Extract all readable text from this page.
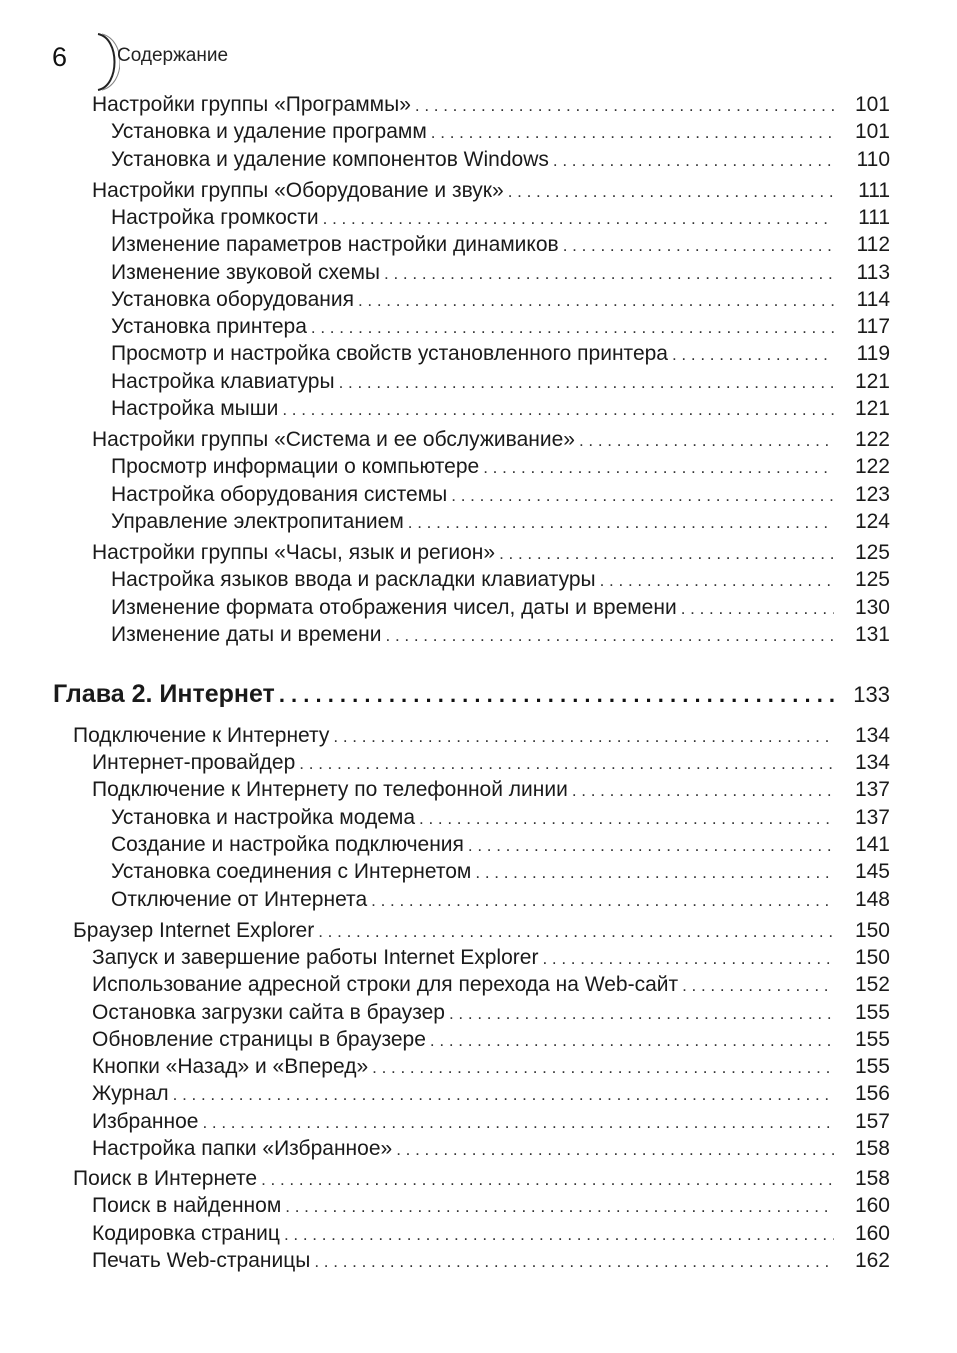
6	Содержание
Настройки группы «Программы» . . .	101
Установка и удаление программ . . .	101
Установка и удаление компонентов Windows . . .	110
Настройки группы «Оборудование и звук» . . .	111
Настройка громкости . . .	111
Изменение параметров настройки динамиков . . .	112
Изменение звуковой схемы . . .	113
Установка оборудования . . .	114
Установка принтера . . .	117
Просмотр и настройка свойств установленного принтера . . .	119
Настройка клавиатуры . . .	121
Настройка мыши . . .	121
Настройки группы «Система и ее обслуживание» . . .	122
Просмотр информации о компьютере . . .	122
Настройка оборудования системы . . .	123
Управление электропитанием . . .	124
Настройки группы «Часы, язык и регион» . . .	125
Настройка языков ввода и раскладки клавиатуры . . .	125
Изменение формата отображения чисел, даты и времени . . .	130
Изменение даты и времени . . .	131
Глава 2. Интернет . . .	133
Подключение к Интернету . . .	134
Интернет-провайдер . . .	134
Подключение к Интернету по телефонной линии . . .	137
Установка и настройка модема . . .	137
Создание и настройка подключения . . .	141
Установка соединения с Интернетом . . .	145
Отключение от Интернета . . .	148
Браузер Internet Explorer . . .	150
Запуск и завершение работы Internet Explorer . . .	150
Использование адресной строки для перехода на Web-сайт . . .	152
Остановка загрузки сайта в браузер . . .	155
Обновление страницы в браузере . . .	155
Кнопки «Назад» и «Вперед» . . .	155
Журнал . . .	156
Избранное . . .	157
Настройка папки «Избранное» . . .	158
Поиск в Интернете . . .	158
Поиск в найденном . . .	160
Кодировка страниц . . .	160
Печать Web-страницы . . .	162
